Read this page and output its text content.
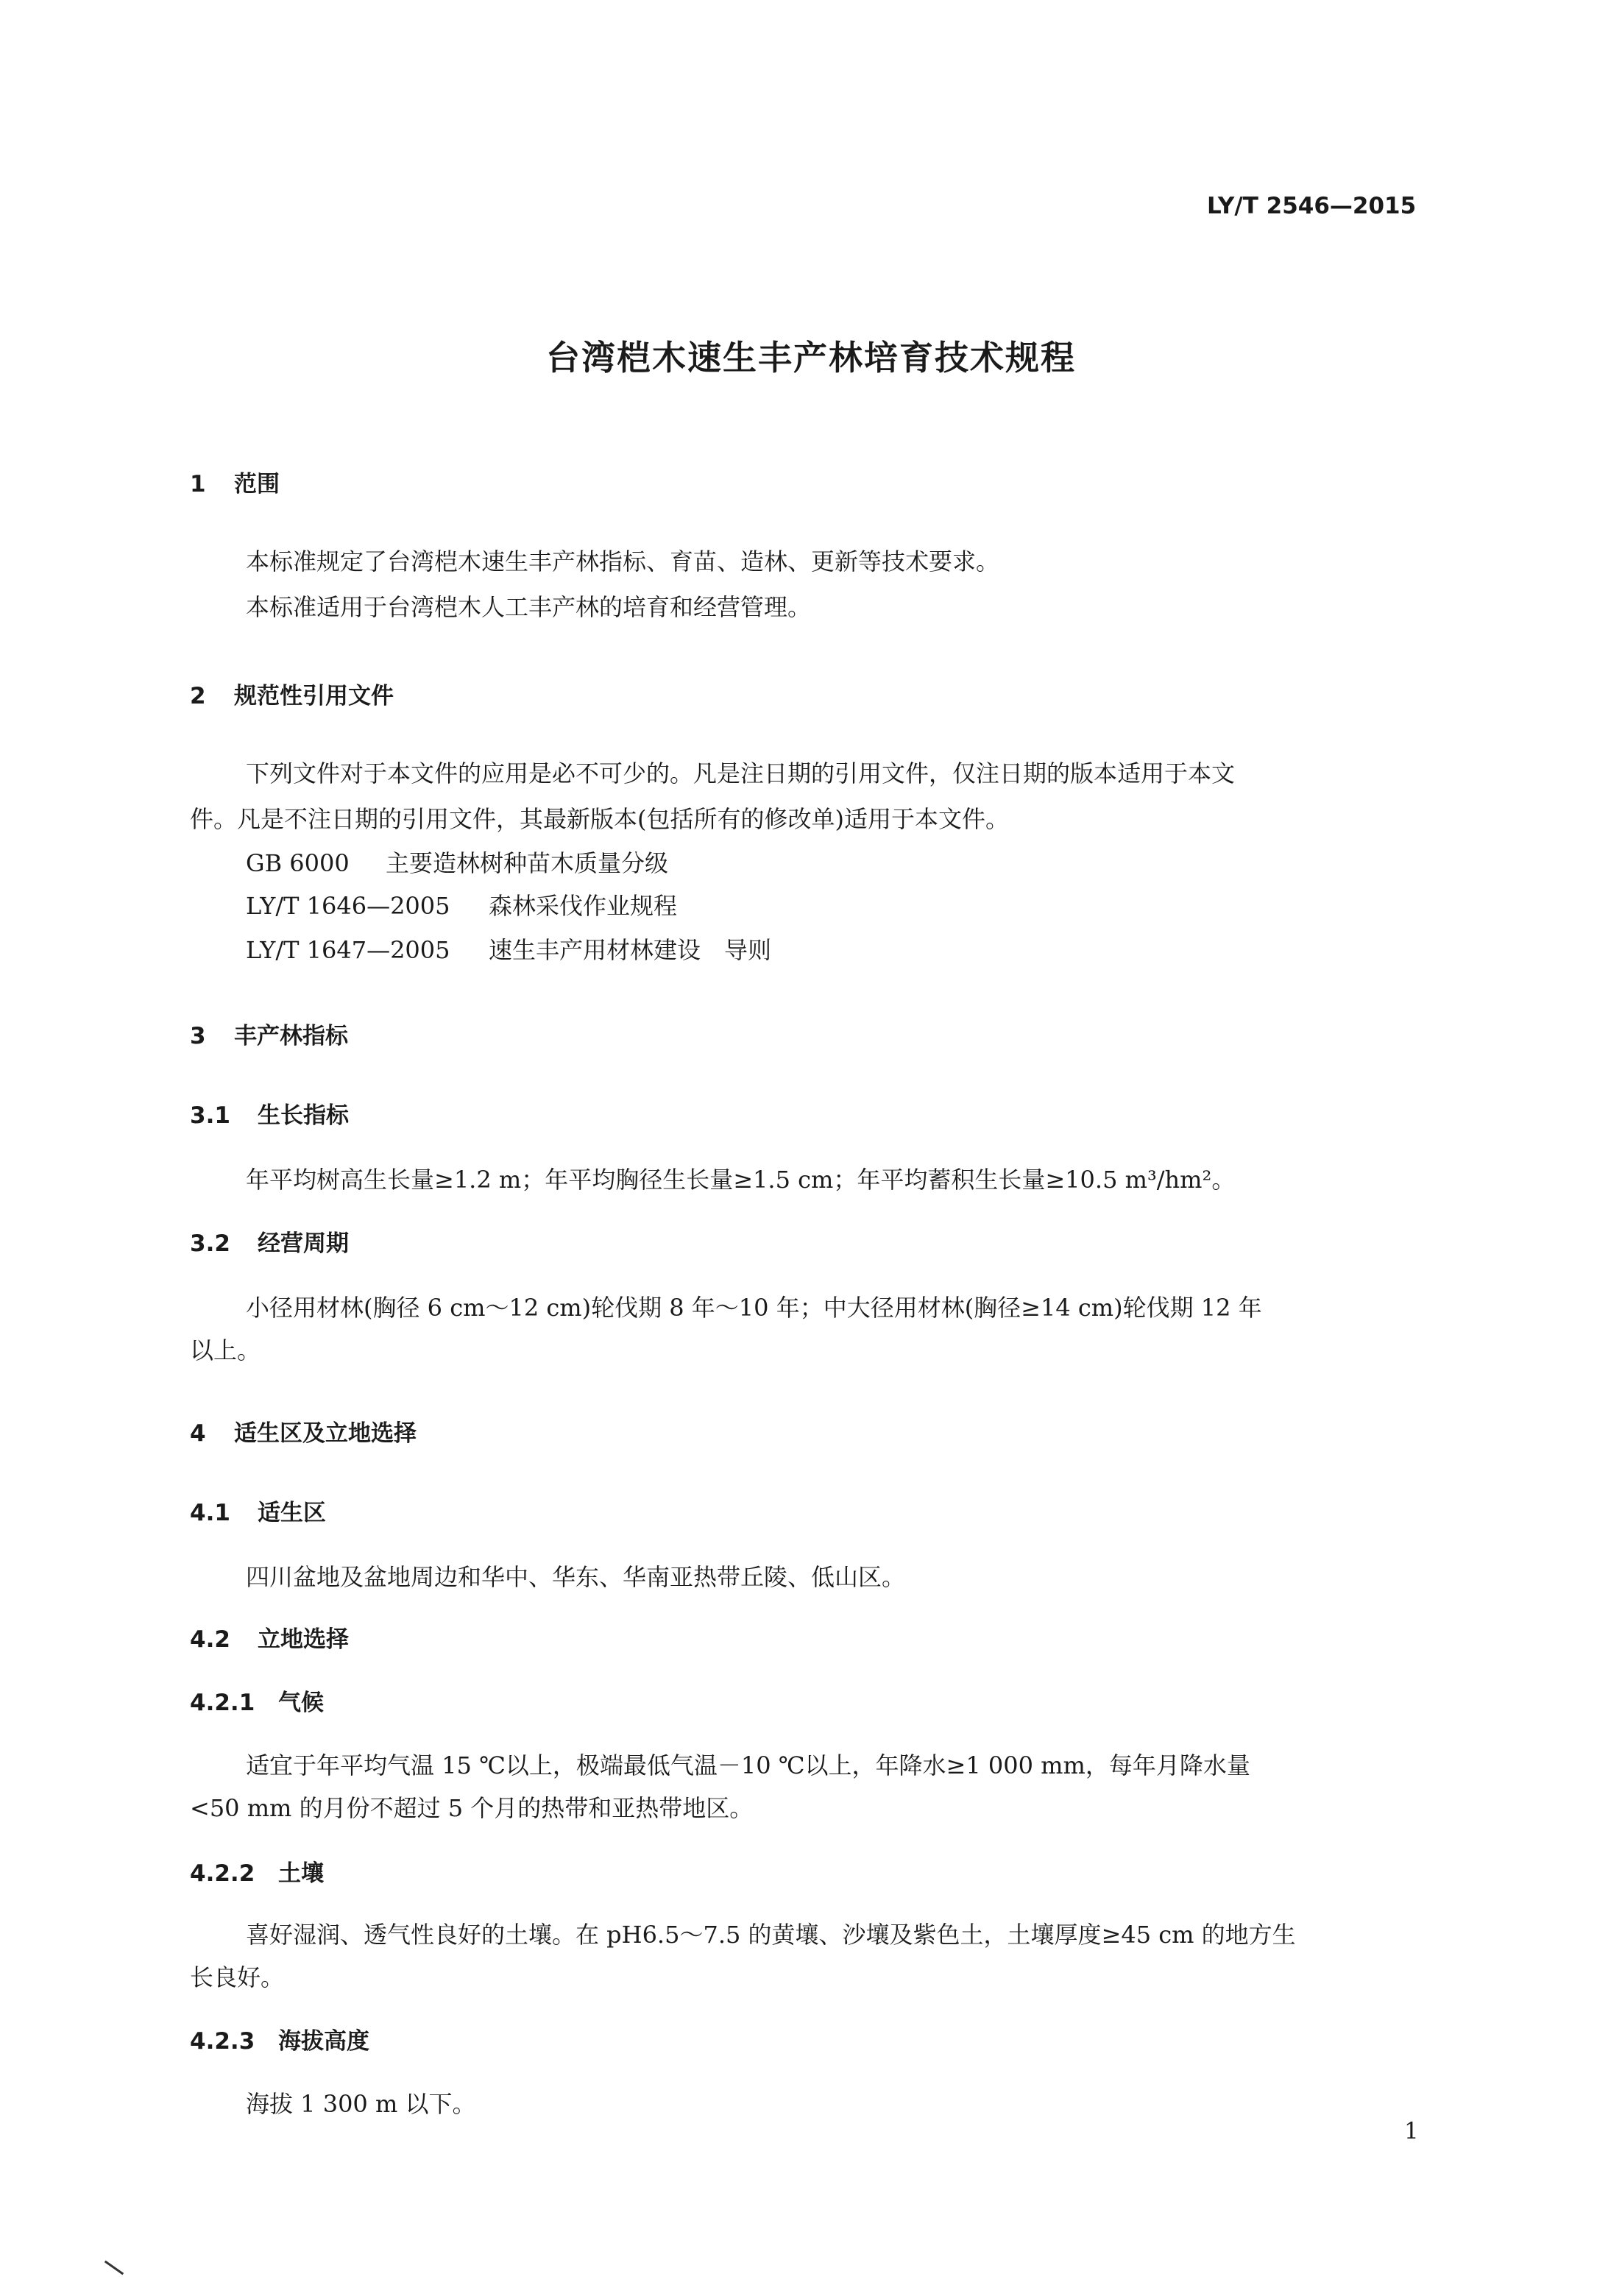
LY/T 2546—2015
台湾桤木速生丰产林培育技术规程
1 范围
本标准规定了台湾桤木速生丰产林指标、育苗、造林、更新等技术要求。
本标准适用于台湾桤木人工丰产林的培育和经营管理。
2 规范性引用文件
下列文件对于本文件的应用是必不可少的。凡是注日期的引用文件，仅注日期的版本适用于本文
件。凡是不注日期的引用文件，其最新版本(包括所有的修改单)适用于本文件。
GB 6000 主要造林树种苗木质量分级
LY/T 1646—2005 森林采伐作业规程
LY/T 1647—2005 速生丰产用材林建设　导则
3 丰产林指标
3.1 生长指标
年平均树高生长量≥1.2 m；年平均胸径生长量≥1.5 cm；年平均蓄积生长量≥10.5 m³/hm²。
3.2 经营周期
小径用材林(胸径 6 cm～12 cm)轮伐期 8 年～10 年；中大径用材林(胸径≥14 cm)轮伐期 12 年
以上。
4 适生区及立地选择
4.1 适生区
四川盆地及盆地周边和华中、华东、华南亚热带丘陵、低山区。
4.2 立地选择
4.2.1 气候
适宜于年平均气温 15 ℃以上，极端最低气温－10 ℃以上，年降水≥1 000 mm，每年月降水量
<50 mm 的月份不超过 5 个月的热带和亚热带地区。
4.2.2 土壤
喜好湿润、透气性良好的土壤。在 pH6.5～7.5 的黄壤、沙壤及紫色土，土壤厚度≥45 cm 的地方生
长良好。
4.2.3 海拔高度
海拔 1 300 m 以下。
1
